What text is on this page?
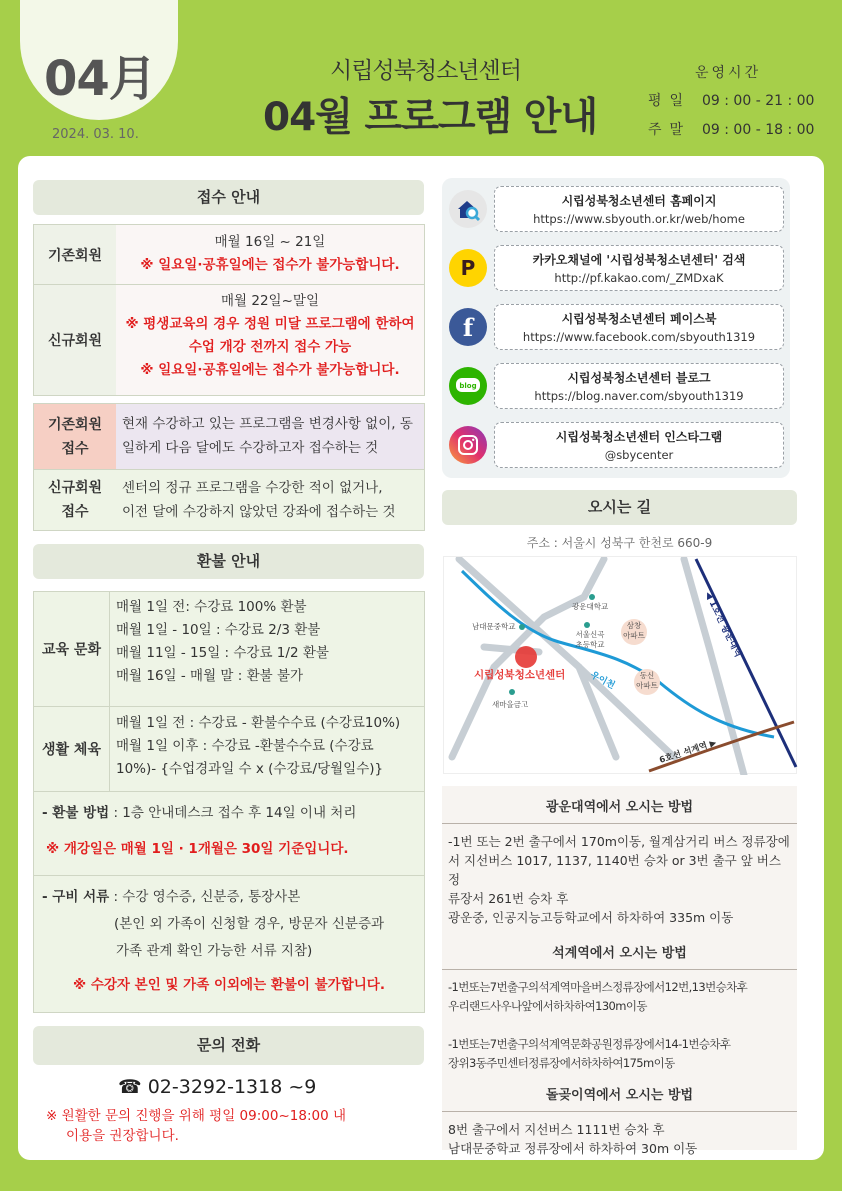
04月
2024. 03. 10.
시립성북청소년센터
04월 프로그램 안내
운영시간
평일 09 : 00 - 21 : 00
주말 09 : 00 - 18 : 00
접수 안내
기존회원
매월 16일 ~ 21일
※ 일요일·공휴일에는 접수가 불가능합니다.
신규회원
매월 22일~말일
※ 평생교육의 경우 정원 미달 프로그램에 한하여
수업 개강 전까지 접수 가능
※ 일요일·공휴일에는 접수가 불가능합니다.
기존회원
접수
현재 수강하고 있는 프로그램을 변경사항 없이, 동
일하게 다음 달에도 수강하고자 접수하는 것
신규회원
접수
센터의 정규 프로그램을 수강한 적이 없거나,
이전 달에 수강하지 않았던 강좌에 접수하는 것
환불 안내
교육 문화
매월 1일 전: 수강료 100% 환불
매월 1일 - 10일 : 수강료 2/3 환불
매월 11일 - 15일 : 수강료 1/2 환불
매월 16일 - 매월 말 : 환불 불가
생활 체육
매월 1일 전 : 수강료 - 환불수수료 (수강료10%)
매월 1일 이후 : 수강료 -환불수수료 (수강료
10%)- {수업경과일 수 x (수강료/당월일수)}
- 환불 방법 : 1층 안내데스크 접수 후 14일 이내 처리
※ 개강일은 매월 1일 · 1개월은 30일 기준입니다.
- 구비 서류 : 수강 영수증, 신분증, 통장사본
(본인 외 가족이 신청할 경우, 방문자 신분증과
가족 관계 확인 가능한 서류 지참)
※ 수강자 본인 및 가족 이외에는 환불이 불가합니다.
문의 전화
☎ 02-3292-1318 ~9
※ 원활한 문의 진행을 위해 평일 09:00~18:00 내
이용을 권장합니다.
시립성북청소년센터 홈페이지
https://www.sbyouth.or.kr/web/home
P	카카오채널에 '시립성북청소년센터' 검색
http://pf.kakao.com/_ZMDxaK
f	시립성북청소년센터 페이스북
https://www.facebook.com/sbyouth1319
blog
시립성북청소년센터 블로그
https://blog.naver.com/sbyouth1319
시립성북청소년센터 인스타그램
@sbycenter
오시는 길
주소 : 서울시 성북구 한천로 660-9
시립성북청소년센터
◀ 1호선 광운대역
6호선 석계역 ▶
우이천
광운대학교
남대문중학교
서울신곡 초등학교
삼창 아파트
동신 아파트
새마을금고
광운대역에서 오시는 방법
-1번 또는 2번 출구에서 170m이동, 월계삼거리 버스 정류장에
서 지선버스 1017, 1137, 1140번 승차 or 3번 출구 앞 버스정
류장서 261번 승차 후
광운중, 인공지능고등학교에서 하차하여 335m 이동
석계역에서 오시는 방법
-1번또는7번출구의석계역마을버스정류장에서12번,13번승차후
우리랜드사우나앞에서하차하여130m이동
-1번또는7번출구의석계역문화공원정류장에서14-1번승차후
장위3동주민센터정류장에서하차하여175m이동
돌곶이역에서 오시는 방법
8번 출구에서 지선버스 1111번 승차 후
남대문중학교 정류장에서 하차하여 30m 이동
